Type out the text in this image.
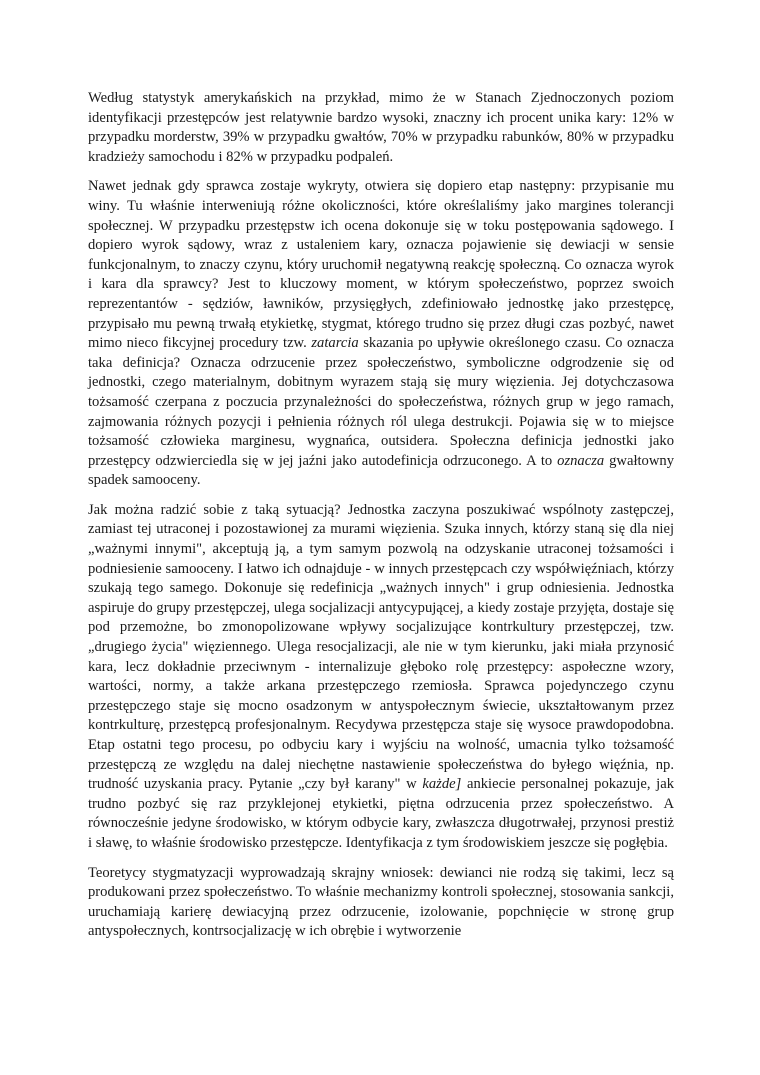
Według statystyk amerykańskich na przykład, mimo że w Stanach Zjednoczonych poziom identyfikacji przestępców jest relatywnie bardzo wysoki, znaczny ich procent unika kary: 12% w przypadku morderstw, 39% w przypadku gwałtów, 70% w przypadku rabunków, 80% w przypadku kradzieży samochodu i 82% w przypadku podpaleń.

Nawet jednak gdy sprawca zostaje wykryty, otwiera się dopiero etap następny: przypisanie mu winy. Tu właśnie interweniują różne okoliczności, które określaliśmy jako margines tolerancji społecznej. W przypadku przestępstw ich ocena dokonuje się w toku postępowania sądowego. I dopiero wyrok sądowy, wraz z ustaleniem kary, oznacza pojawienie się dewiacji w sensie funkcjonalnym, to znaczy czynu, który uruchomił negatywną reakcję społeczną. Co oznacza wyrok i kara dla sprawcy? Jest to kluczowy moment, w którym społeczeństwo, poprzez swoich reprezentantów - sędziów, ławników, przysięgłych, zdefiniowało jednostkę jako przestępcę, przypisało mu pewną trwałą etykietkę, stygmat, którego trudno się przez długi czas pozbyć, nawet mimo nieco fikcyjnej procedury tzw. zatarcia skazania po upływie określonego czasu. Co oznacza taka definicja? Oznacza odrzucenie przez społeczeństwo, symboliczne odgrodzenie się od jednostki, czego materialnym, dobitnym wyrazem stają się mury więzienia. Jej dotychczasowa tożsamość czerpana z poczucia przynależności do społeczeństwa, różnych grup w jego ramach, zajmowania różnych pozycji i pełnienia różnych ról ulega destrukcji. Pojawia się w to miejsce tożsamość człowieka marginesu, wygnańca, outsidera. Społeczna definicja jednostki jako przestępcy odzwierciedla się w jej jaźni jako autodefinicja odrzuconego. A to oznacza gwałtowny spadek samooceny.

Jak można radzić sobie z taką sytuacją? Jednostka zaczyna poszukiwać wspólnoty zastępczej, zamiast tej utraconej i pozostawionej za murami więzienia. Szuka innych, którzy staną się dla niej „ważnymi innymi", akceptują ją, a tym samym pozwolą na odzyskanie utraconej tożsamości i podniesienie samooceny. I łatwo ich odnajduje - w innych przestępcach czy współwięźniach, którzy szukają tego samego. Dokonuje się redefinicja „ważnych innych" i grup odniesienia. Jednostka aspiruje do grupy przestępczej, ulega socjalizacji antycypującej, a kiedy zostaje przyjęta, dostaje się pod przemożne, bo zmonopolizowane wpływy socjalizujące kontrkultury przestępczej, tzw. „drugiego życia" więziennego. Ulega resocjalizacji, ale nie w tym kierunku, jaki miała przynosić kara, lecz dokładnie przeciwnym - internalizuje głęboko rolę przestępcy: aspołeczne wzory, wartości, normy, a także arkana przestępczego rzemiosła. Sprawca pojedynczego czynu przestępczego staje się mocno osadzonym w antyspołecznym świecie, ukształtowanym przez kontrkulturę, przestępcą profesjonalnym. Recydywa przestępcza staje się wysoce prawdopodobna. Etap ostatni tego procesu, po odbyciu kary i wyjściu na wolność, umacnia tylko tożsamość przestępczą ze względu na dalej niechętne nastawienie społeczeństwa do byłego więźnia, np. trudność uzyskania pracy. Pytanie „czy był karany" w każde] ankiecie personalnej pokazuje, jak trudno pozbyć się raz przyklejonej etykietki, piętna odrzucenia przez społeczeństwo. A równocześnie jedyne środowisko, w którym odbycie kary, zwłaszcza długotrwałej, przynosi prestiż i sławę, to właśnie środowisko przestępcze. Identyfikacja z tym środowiskiem jeszcze się pogłębia.

Teoretycy stygmatyzacji wyprowadzają skrajny wniosek: dewianci nie rodzą się takimi, lecz są produkowani przez społeczeństwo. To właśnie mechanizmy kontroli społecznej, stosowania sankcji, uruchamiają karierę dewiacyjną przez odrzucenie, izolowanie, popchnięcie w stronę grup antyspołecznych, kontrsocjalizację w ich obrębie i wytworzenie
